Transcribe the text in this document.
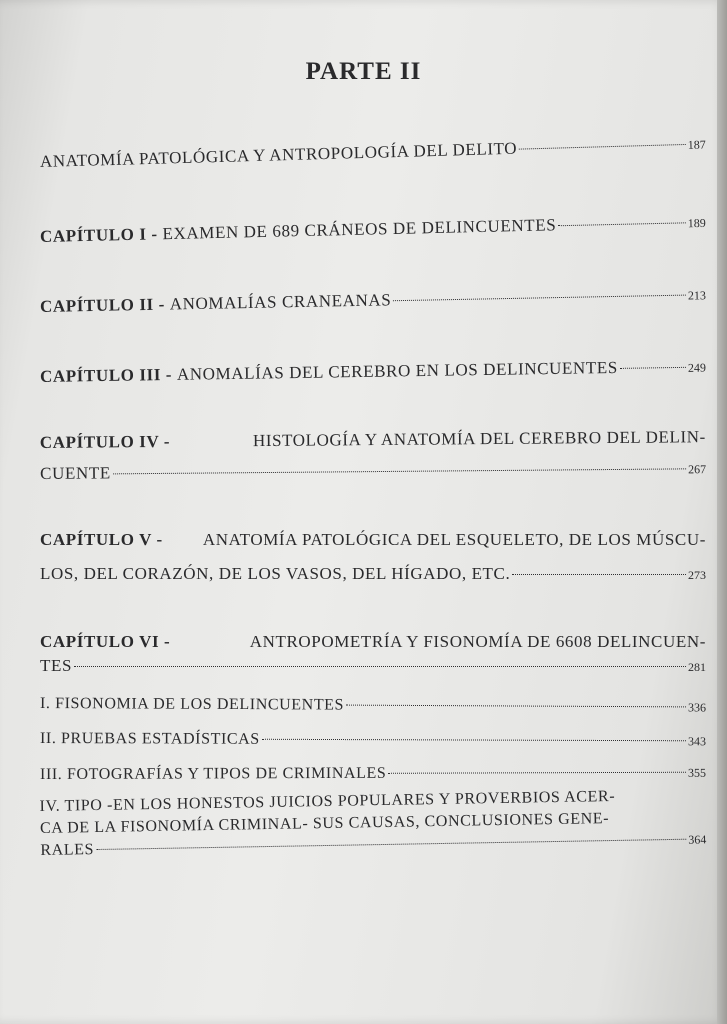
PARTE II
ANATOMÍA PATOLÓGICA Y ANTROPOLOGÍA DEL DELITO	187
CAPÍTULO I -
EXAMEN DE 689 CRÁNEOS DE DELINCUENTES	189
CAPÍTULO II -
ANOMALÍAS CRANEANAS	213
CAPÍTULO III -
ANOMALÍAS DEL CEREBRO EN LOS DELINCUENTES	249
CAPÍTULO IV -	HISTOLOGÍA Y ANATOMÍA DEL CEREBRO DEL DELIN-
CUENTE	267
CAPÍTULO V - ANATOMÍA PATOLÓGICA DEL ESQUELETO, DE LOS MÚSCU-
LOS, DEL CORAZÓN, DE LOS VASOS, DEL HÍGADO, ETC.	273
CAPÍTULO VI -	ANTROPOMETRÍA Y FISONOMÍA DE 6608 DELINCUEN-
TES	281
I. FISONOMIA DE LOS DELINCUENTES	336
II. PRUEBAS ESTADÍSTICAS	343
III. FOTOGRAFÍAS Y TIPOS DE CRIMINALES	355
IV. TIPO -EN LOS HONESTOS JUICIOS POPULARES Y PROVERBIOS ACER-
CA DE LA FISONOMÍA CRIMINAL- SUS CAUSAS, CONCLUSIONES GENE-
RALES
364
